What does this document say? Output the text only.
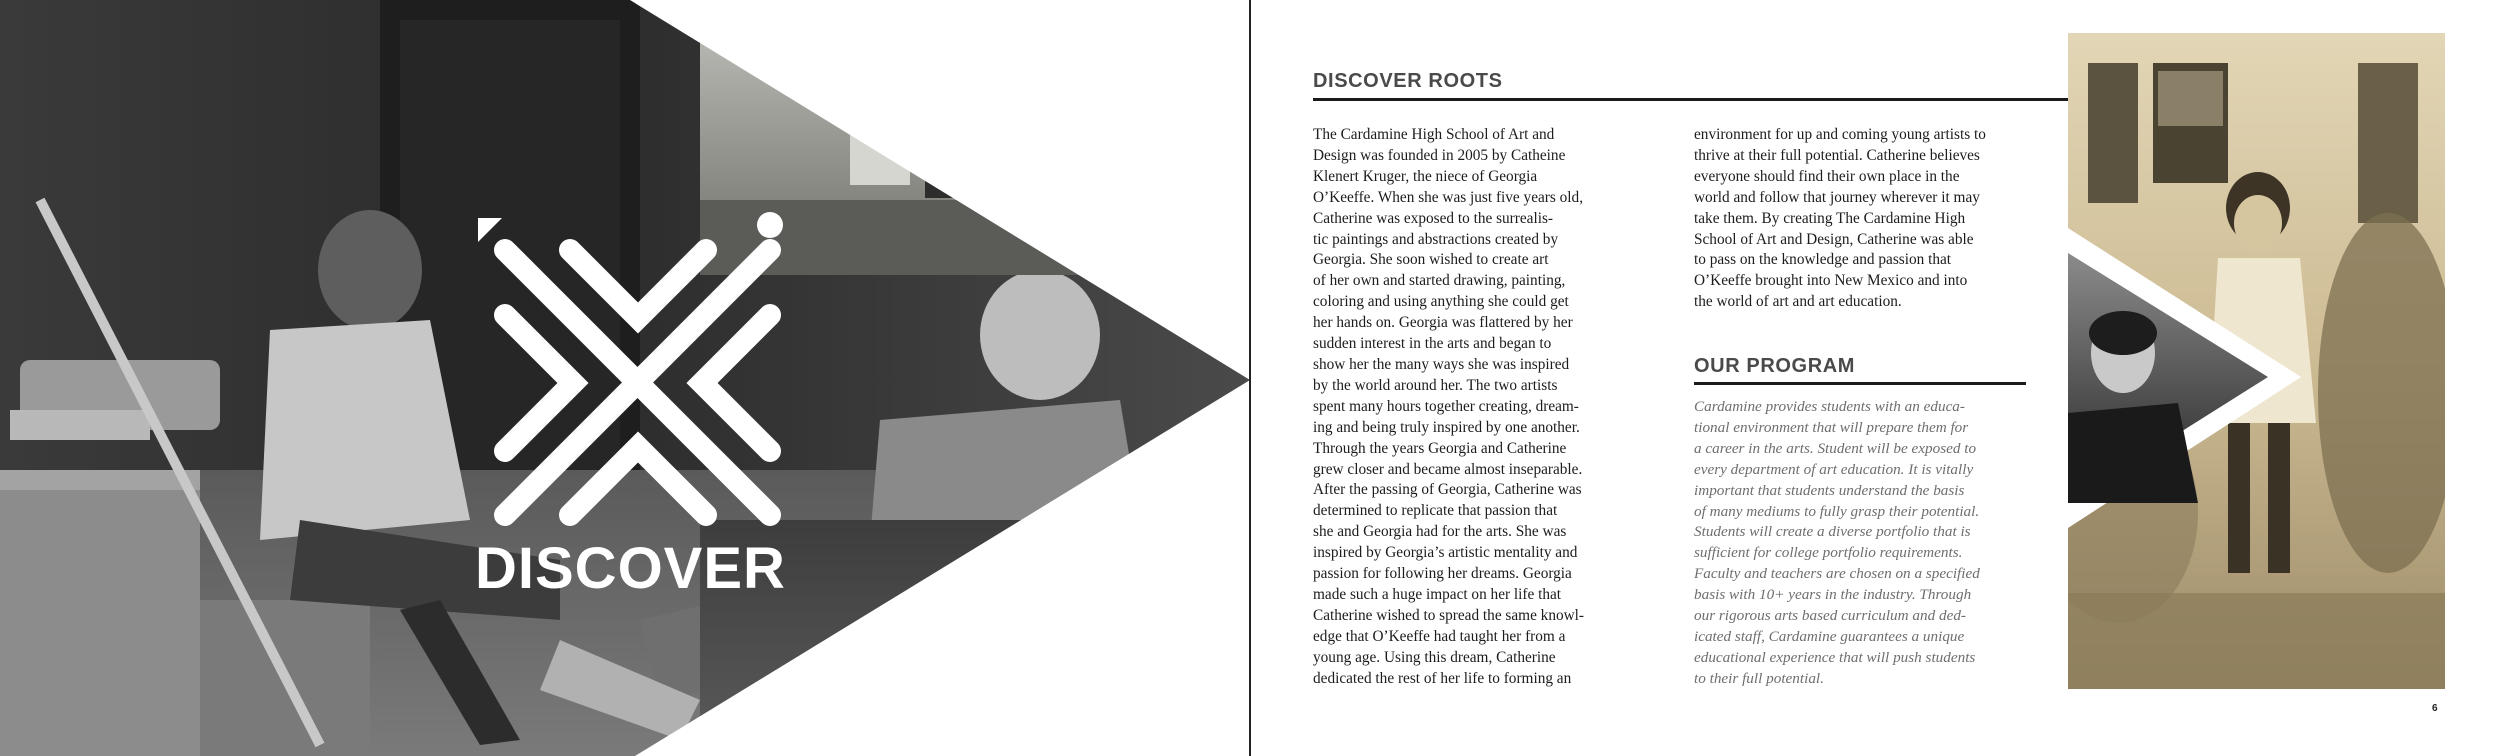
DISCOVER
DISCOVER ROOTS
The Cardamine High School of Art and
Design was founded in 2005 by Catheine
Klenert Kruger, the niece of Georgia
O’Keeffe. When she was just five years old,
Catherine was exposed to the surrealis-
tic paintings and abstractions created by
Georgia. She soon wished to create art
of her own and started drawing, painting,
coloring and using anything she could get
her hands on. Georgia was flattered by her
sudden interest in the arts and began to
show her the many ways she was inspired
by the world around her. The two artists
spent many hours together creating, dream-
ing and being truly inspired by one another.
Through the years Georgia and Catherine
grew closer and became almost inseparable.
After the passing of Georgia, Catherine was
determined to replicate that passion that
she and Georgia had for the arts. She was
inspired by Georgia’s artistic mentality and
passion for following her dreams. Georgia
made such a huge impact on her life that
Catherine wished to spread the same knowl-
edge that O’Keeffe had taught her from a
young age. Using this dream, Catherine
dedicated the rest of her life to forming an
environment for up and coming young artists to
thrive at their full potential. Catherine believes
everyone should find their own place in the
world and follow that journey wherever it may
take them. By creating The Cardamine High
School of Art and Design, Catherine was able
to pass on the knowledge and passion that
O’Keeffe brought into New Mexico and into
the world of art and art education.
OUR PROGRAM
Cardamine provides students with an educa-
tional environment that will prepare them for
a career in the arts. Student will be exposed to
every department of art education. It is vitally
important that students understand the basis
of many mediums to fully grasp their potential.
Students will create a diverse portfolio that is
sufficient for college portfolio requirements.
Faculty and teachers are chosen on a specified
basis with 10+ years in the industry. Through
our rigorous arts based curriculum and ded-
icated staff, Cardamine guarantees a unique
educational experience that will push students
to their full potential.
6
